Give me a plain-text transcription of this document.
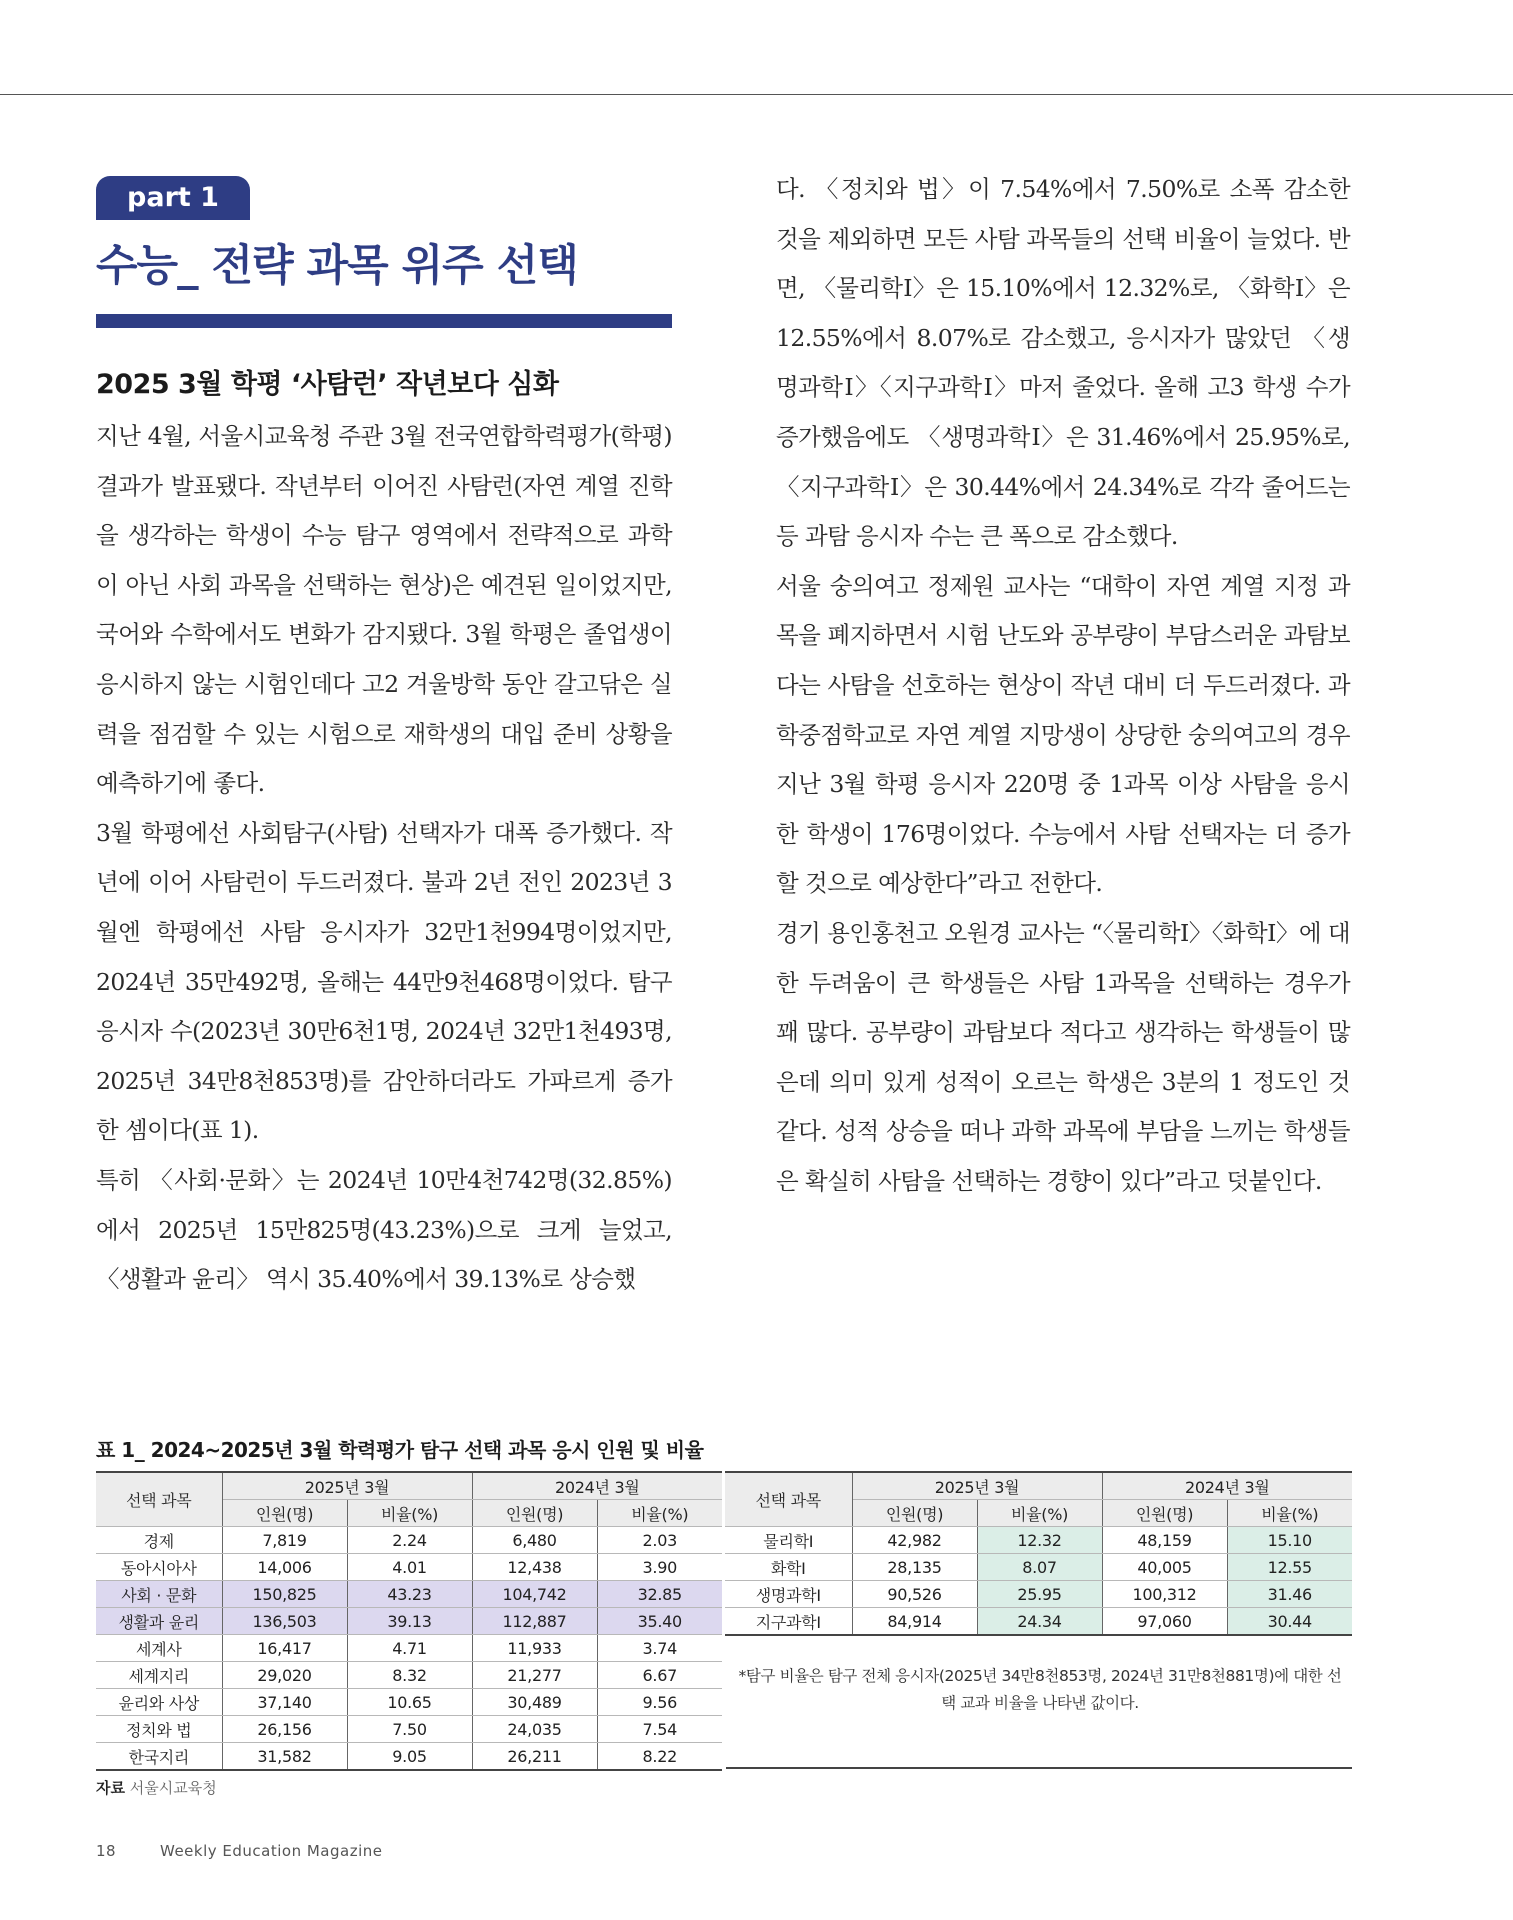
part 1
수능_ 전략 과목 위주 선택
2025 3월 학평 ‘사탐런’ 작년보다 심화

지난 4월, 서울시교육청 주관 3월 전국연합학력평가(학평) 결과가 발표됐다. 작년부터 이어진 사탐런(자연 계열 진학을 생각하는 학생이 수능 탐구 영역에서 전략적으로 과학이 아닌 사회 과목을 선택하는 현상)은 예견된 일이었지만, 국어와 수학에서도 변화가 감지됐다. 3월 학평은 졸업생이 응시하지 않는 시험인데다 고2 겨울방학 동안 갈고닦은 실력을 점검할 수 있는 시험으로 재학생의 대입 준비 상황을 예측하기에 좋다.

3월 학평에선 사회탐구(사탐) 선택자가 대폭 증가했다. 작년에 이어 사탐런이 두드러졌다. 불과 2년 전인 2023년 3월엔 학평에선 사탐 응시자가 32만1천994명이었지만, 2024년 35만492명, 올해는 44만9천468명이었다. 탐구 응시자 수(2023년 30만6천1명, 2024년 32만1천493명, 2025년 34만8천853명)를 감안하더라도 가파르게 증가한 셈이다(표 1).

특히 〈사회·문화〉는 2024년 10만4천742명(32.85%)에서 2025년 15만825명(43.23%)으로 크게 늘었고, 〈생활과 윤리〉 역시 35.40%에서 39.13%로 상승했

다. 〈정치와 법〉이 7.54%에서 7.50%로 소폭 감소한 것을 제외하면 모든 사탐 과목들의 선택 비율이 늘었다. 반면, 〈물리학Ⅰ〉은 15.10%에서 12.32%로, 〈화학Ⅰ〉은 12.55%에서 8.07%로 감소했고, 응시자가 많았던 〈생명과학Ⅰ〉〈지구과학Ⅰ〉마저 줄었다. 올해 고3 학생 수가 증가했음에도 〈생명과학Ⅰ〉은 31.46%에서 25.95%로, 〈지구과학Ⅰ〉은 30.44%에서 24.34%로 각각 줄어드는 등 과탐 응시자 수는 큰 폭으로 감소했다.

서울 숭의여고 정제원 교사는 “대학이 자연 계열 지정 과목을 폐지하면서 시험 난도와 공부량이 부담스러운 과탐보다는 사탐을 선호하는 현상이 작년 대비 더 두드러졌다. 과학중점학교로 자연 계열 지망생이 상당한 숭의여고의 경우 지난 3월 학평 응시자 220명 중 1과목 이상 사탐을 응시한 학생이 176명이었다. 수능에서 사탐 선택자는 더 증가할 것으로 예상한다”라고 전한다.

경기 용인홍천고 오원경 교사는 “〈물리학Ⅰ〉〈화학Ⅰ〉에 대한 두려움이 큰 학생들은 사탐 1과목을 선택하는 경우가 꽤 많다. 공부량이 과탐보다 적다고 생각하는 학생들이 많은데 의미 있게 성적이 오르는 학생은 3분의 1 정도인 것 같다. 성적 상승을 떠나 과학 과목에 부담을 느끼는 학생들은 확실히 사탐을 선택하는 경향이 있다”라고 덧붙인다.

표 1_ 2024~2025년 3월 학력평가 탐구 선택 과목 응시 인원 및 비율
선택 과목	2025년 3월		2024년 3월	
	인원(명)	비율(%)	인원(명)	비율(%)
경제	7,819	2.24	6,480	2.03
동아시아사	14,006	4.01	12,438	3.90
사회 · 문화	150,825	43.23	104,742	32.85
생활과 윤리	136,503	39.13	112,887	35.40
세계사	16,417	4.71	11,933	3.74
세계지리	29,020	8.32	21,277	6.67
윤리와 사상	37,140	10.65	30,489	9.56
정치와 법	26,156	7.50	24,035	7.54
한국지리	31,582	9.05	26,211	8.22
선택 과목	2025년 3월		2024년 3월	
	인원(명)	비율(%)	인원(명)	비율(%)
물리학Ⅰ	42,982	12.32	48,159	15.10
화학Ⅰ	28,135	8.07	40,005	12.55
생명과학Ⅰ	90,526	25.95	100,312	31.46
지구과학Ⅰ	84,914	24.34	97,060	30.44

*탐구 비율은 탐구 전체 응시자(2025년 34만8천853명, 2024년 31만8천881명)에 대한 선택 교과 비율을 나타낸 값이다.

자료 서울시교육청

18	Weekly Education Magazine
